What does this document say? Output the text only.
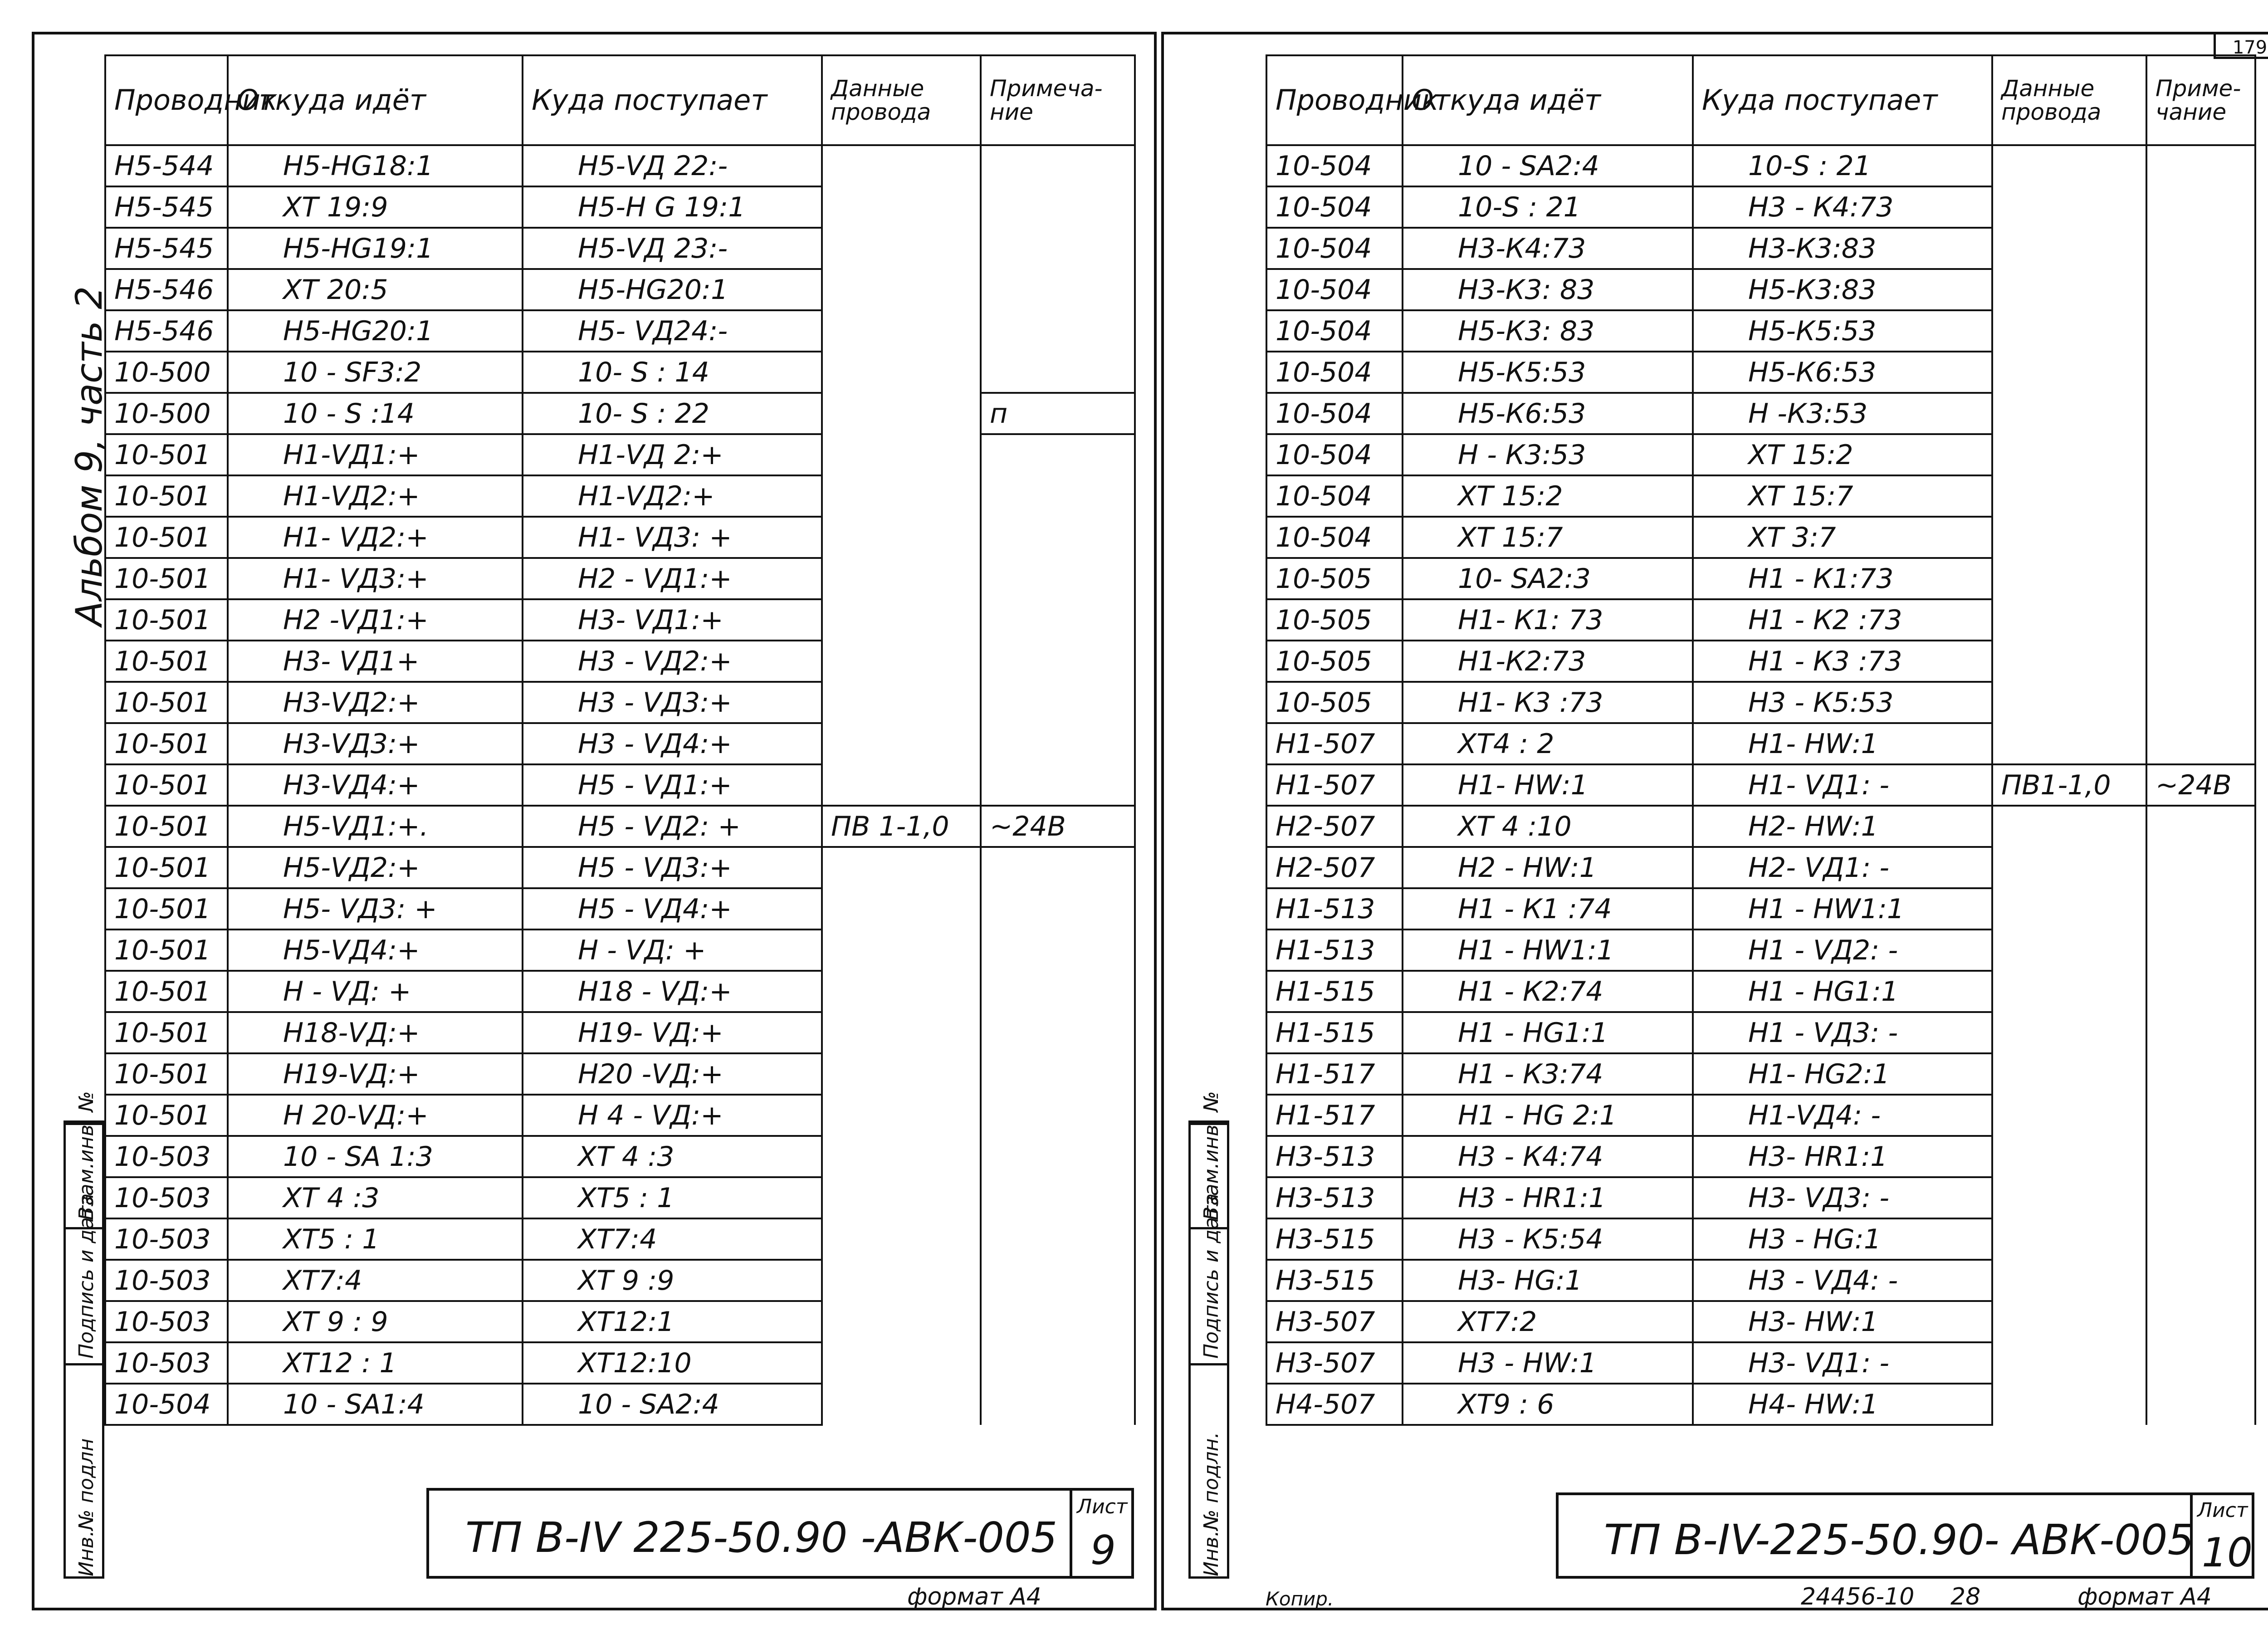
Альбом 9, часть 2
Проводник	Откуда идёт	Куда поступает	Данные провода	Примеча-ние
Н5-544	Н5-НG18:1	Н5-VД 22:-		
Н5-545	XT 19:9	Н5-Н G 19:1		
Н5-545	Н5-НG19:1	Н5-VД 23:-		
Н5-546	XT 20:5	Н5-НG20:1		
Н5-546	Н5-НG20:1	Н5- VД24:-		
10-500	10 - SF3:2	10- S : 14		
10-500	10 - S :14	10- S : 22		п
10-501	Н1-VД1:+	Н1-VД 2:+		
10-501	Н1-VД2:+	Н1-VД2:+		
10-501	Н1- VД2:+	Н1- VД3: +		
10-501	Н1- VД3:+	Н2 - VД1:+		
10-501	Н2 -VД1:+	Н3- VД1:+		
10-501	Н3- VД1+	Н3 - VД2:+		
10-501	Н3-VД2:+	Н3 - VД3:+		
10-501	Н3-VД3:+	Н3 - VД4:+		
10-501	Н3-VД4:+	Н5 - VД1:+		
10-501	Н5-VД1:+.	Н5 - VД2: +	ПВ 1-1,0	~24В
10-501	Н5-VД2:+	Н5 - VД3:+		
10-501	Н5- VД3: +	Н5 - VД4:+		
10-501	Н5-VД4:+	Н - VД: +		
10-501	Н - VД: +	Н18 - VД:+		
10-501	Н18-VД:+	Н19- VД:+		
10-501	Н19-VД:+	Н20 -VД:+		
10-501	Н 20-VД:+	Н 4 - VД:+		
10-503	10 - SA 1:3	XT 4 :3		
10-503	XT 4 :3	XT5 : 1		
10-503	XT5 : 1	XT7:4		
10-503	XT7:4	XT 9 :9		
10-503	XT 9 : 9	XT12:1		
10-503	XT12 : 1	XT12:10		
10-504	10 - SA1:4	10 - SA2:4		
Взам.инв. №
Подпись и дата
Инв.№ подлн	ТП В-IV 225-50.90 -АВК-005
Лист
9
формат А4
179
Проводник	Откуда идёт	Куда поступает	Данные провода	Приме-чание
10-504	10 - SA2:4	10-S : 21		
10-504	10-S : 21	Н3 - К4:73		
10-504	Н3-К4:73	Н3-К3:83		
10-504	Н3-К3: 83	Н5-К3:83		
10-504	Н5-К3: 83	Н5-К5:53		
10-504	Н5-К5:53	Н5-К6:53		
10-504	Н5-К6:53	Н -К3:53		
10-504	Н - К3:53	XT 15:2		
10-504	XT 15:2	XT 15:7		
10-504	XT 15:7	XT 3:7		
10-505	10- SA2:3	Н1 - К1:73		
10-505	Н1- К1: 73	Н1 - К2 :73		
10-505	Н1-К2:73	Н1 - К3 :73		
10-505	Н1- К3 :73	Н3 - К5:53		
Н1-507	XT4 : 2	Н1- НW:1		
Н1-507	Н1- НW:1	Н1- VД1: -	ПВ1-1,0	~24В
Н2-507	XT 4 :10	Н2- НW:1		
Н2-507	Н2 - НW:1	Н2- VД1: -		
Н1-513	Н1 - К1 :74	Н1 - НW1:1		
Н1-513	Н1 - НW1:1	Н1 - VД2: -		
Н1-515	Н1 - К2:74	Н1 - НG1:1		
Н1-515	Н1 - НG1:1	Н1 - VД3: -		
Н1-517	Н1 - К3:74	Н1- НG2:1		
Н1-517	Н1 - НG 2:1	Н1-VД4: -		
Н3-513	Н3 - К4:74	Н3- НR1:1		
Н3-513	Н3 - НR1:1	Н3- VД3: -		
Н3-515	Н3 - К5:54	Н3 - НG:1		
Н3-515	Н3- НG:1	Н3 - VД4: -		
Н3-507	XT7:2	Н3- НW:1		
Н3-507	Н3 - НW:1	Н3- VД1: -		
Н4-507	XT9 : 6	Н4- НW:1		
Взам.инв. №
Подпись и дата
Инв.№ подлн.	ТП В-IV-225-50.90- АВК-005
Лист
10
Копир.	24456-10 28	формат А4
